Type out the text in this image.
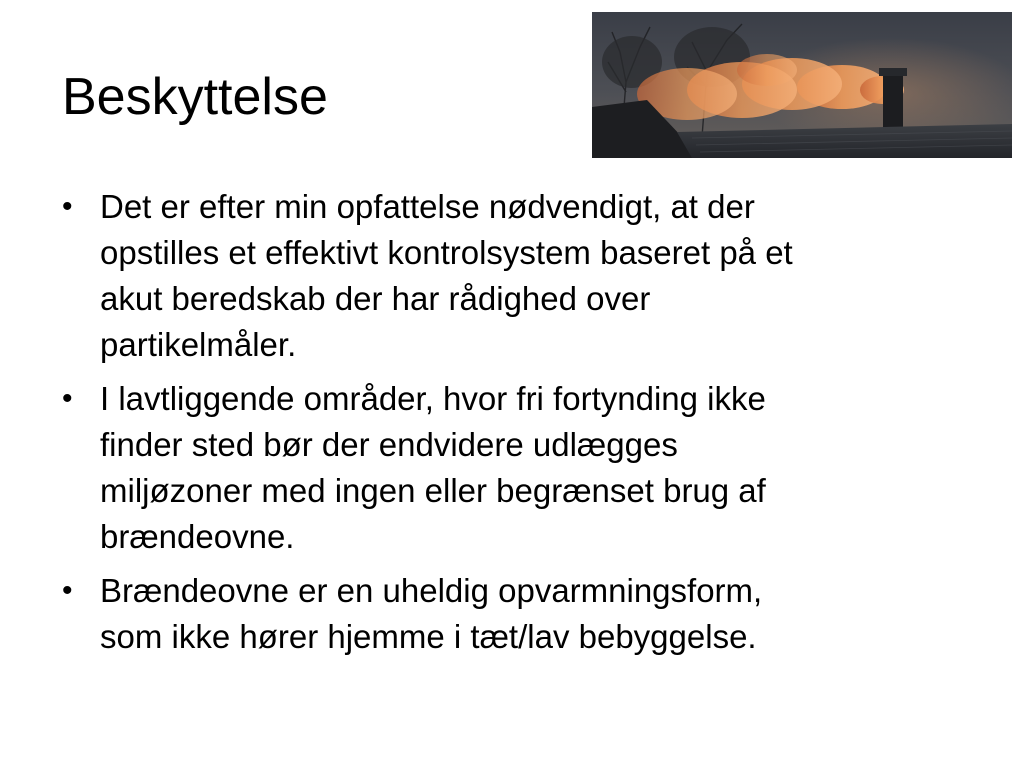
Beskyttelse
• Det er efter min opfattelse nødvendigt, at der
opstilles et effektivt kontrolsystem baseret på et
akut beredskab der har rådighed over
partikelmåler.
• I lavtliggende områder, hvor fri fortynding ikke
finder sted bør der endvidere udlægges
miljøzoner med ingen eller begrænset brug af
brændeovne.
• Brændeovne er en uheldig opvarmningsform,
som ikke hører hjemme i tæt/lav bebyggelse.
